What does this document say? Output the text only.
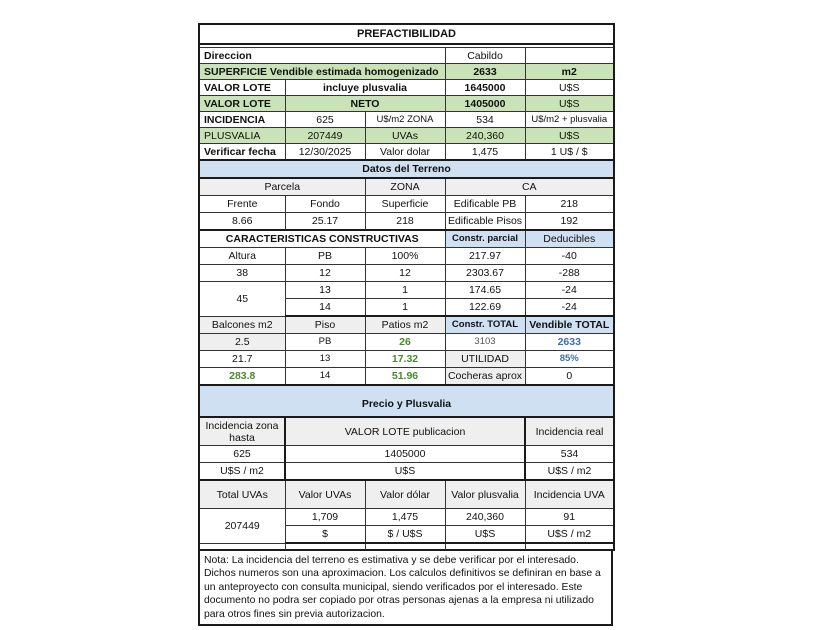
PREFACTIBILIDAD				

Direccion			Cabildo	
SUPERFICIE Vendible estimada homogenizado			2633	m2
VALOR LOTE	incluye plusvalia		1645000	U$S
VALOR LOTE	NETO		1405000	U$S
INCIDENCIA	625	U$/m2 ZONA	534	U$/m2 + plusvalia
PLUSVALIA	207449	UVAs	240,360	U$S
Verificar fecha	12/30/2025	Valor dolar	1,475	1 U$ / $
Datos del Terreno				
Parcela		ZONA	CA	
Frente	Fondo	Superficie	Edificable PB	218
8.66	25.17	218	Edificable Pisos	192
CARACTERISTICAS CONSTRUCTIVAS			Constr. parcial	Deducibles
Altura	PB	100%	217.97	-40
38	12	12	2303.67	-288
45	13	1	174.65	-24
	14	1	122.69	-24
Balcones m2	Piso	Patios m2	Constr. TOTAL	Vendible TOTAL
2.5	PB	26	3103	2633
21.7	13	17.32	UTILIDAD	85%
283.8	14	51.96	Cocheras aprox	0
Precio y Plusvalia				
Incidencia zona hasta	VALOR LOTE publicacion			Incidencia real
625	1405000			534
U$S / m2	U$S			U$S / m2
Total UVAs	Valor UVAs	Valor dólar	Valor plusvalia	Incidencia UVA
207449	1,709	1,475	240,360	91
	$	$ / U$S	U$S	U$S / m2

Nota: La incidencia del terreno es estimativa y se debe verificar por el interesado. Dichos numeros son una aproximacion. Los calculos definitivos se definiran en base a un anteproyecto con consulta municipal, siendo verificados por el interesado. Este documento no podra ser copiado por otras personas ajenas a la empresa ni utilizado para otros fines sin previa autorizacion.
